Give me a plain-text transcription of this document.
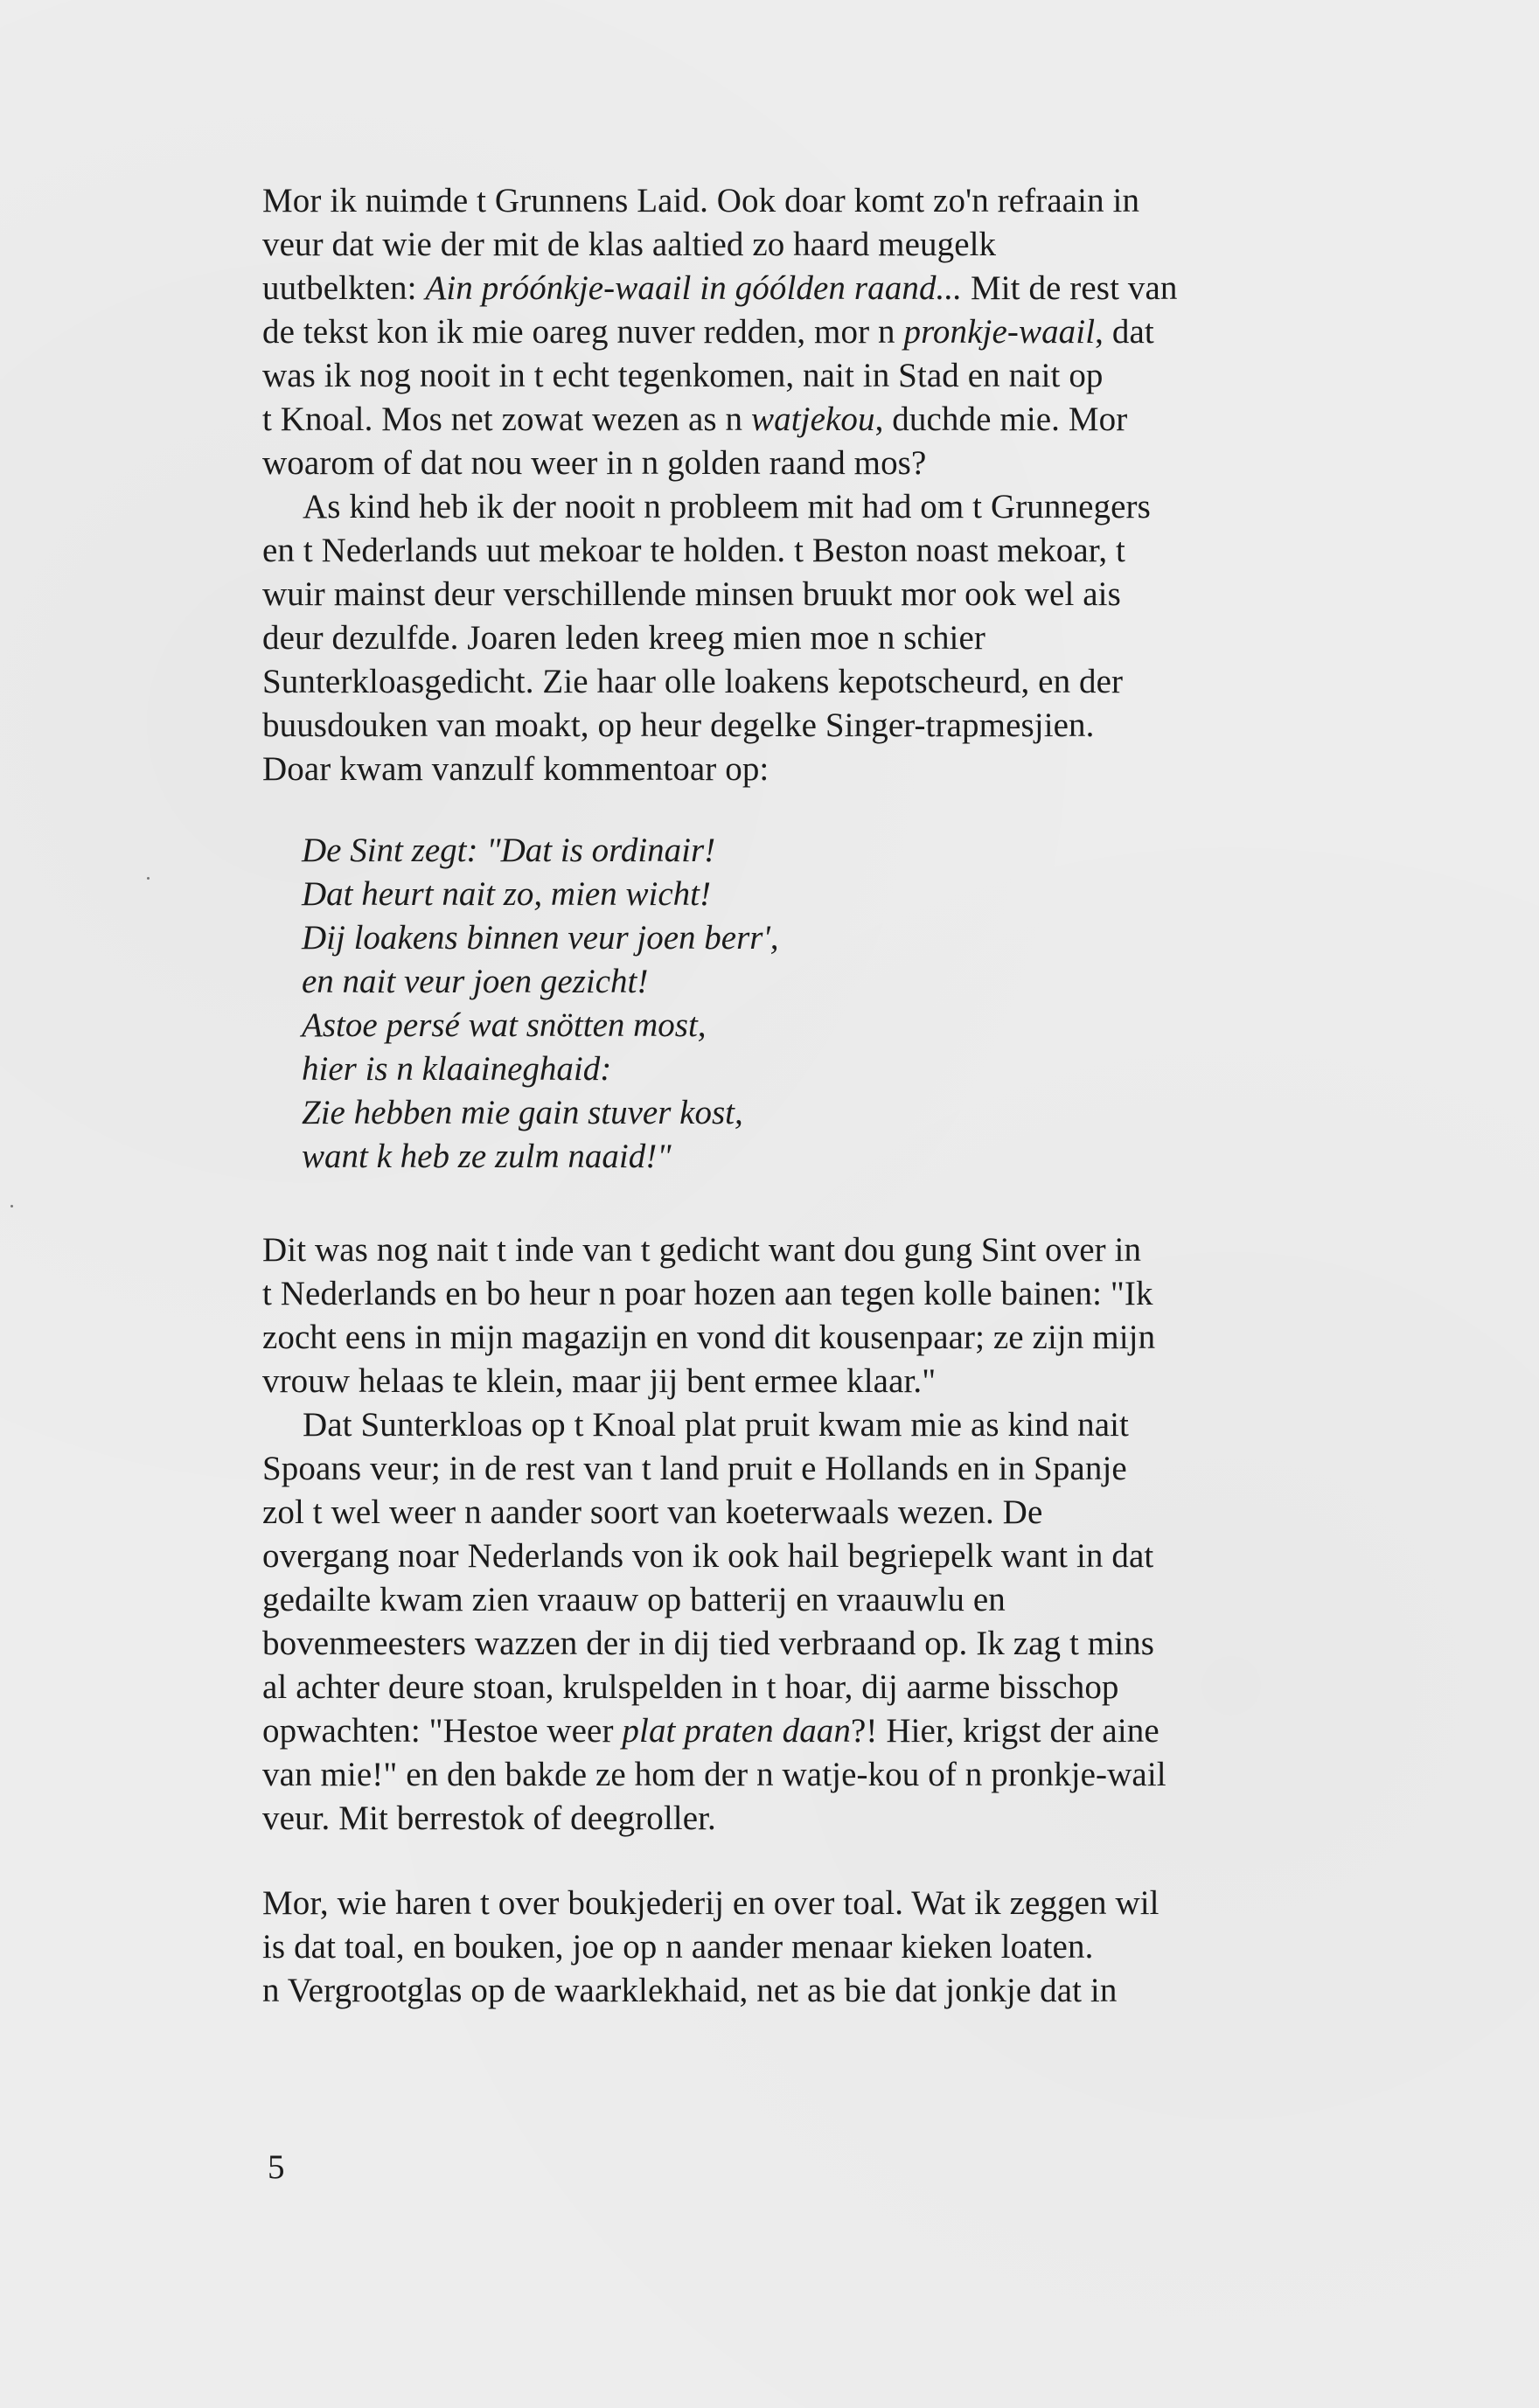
Mor ik nuimde t Grunnens Laid. Ook doar komt zo'n refraain in
veur dat wie der mit de klas aaltied zo haard meugelk
uutbelkten: Ain próónkje-waail in góólden raand... Mit de rest van
de tekst kon ik mie oareg nuver redden, mor n pronkje-waail, dat
was ik nog nooit in t echt tegenkomen, nait in Stad en nait op
t Knoal. Mos net zowat wezen as n watjekou, duchde mie. Mor
woarom of dat nou weer in n golden raand mos?
As kind heb ik der nooit n probleem mit had om t Grunnegers
en t Nederlands uut mekoar te holden. t Beston noast mekoar, t
wuir mainst deur verschillende minsen bruukt mor ook wel ais
deur dezulfde. Joaren leden kreeg mien moe n schier
Sunterkloasgedicht. Zie haar olle loakens kepotscheurd, en der
buusdouken van moakt, op heur degelke Singer-trapmesjien.
Doar kwam vanzulf kommentoar op:
De Sint zegt: "Dat is ordinair!
Dat heurt nait zo, mien wicht!
Dij loakens binnen veur joen berr',
en nait veur joen gezicht!
Astoe persé wat snötten most,
hier is n klaaineghaid:
Zie hebben mie gain stuver kost,
want k heb ze zulm naaid!"
Dit was nog nait t inde van t gedicht want dou gung Sint over in
t Nederlands en bo heur n poar hozen aan tegen kolle bainen: "Ik
zocht eens in mijn magazijn en vond dit kousenpaar; ze zijn mijn
vrouw helaas te klein, maar jij bent ermee klaar."
Dat Sunterkloas op t Knoal plat pruit kwam mie as kind nait
Spoans veur; in de rest van t land pruit e Hollands en in Spanje
zol t wel weer n aander soort van koeterwaals wezen. De
overgang noar Nederlands von ik ook hail begriepelk want in dat
gedailte kwam zien vraauw op batterij en vraauwlu en
bovenmeesters wazzen der in dij tied verbraand op. Ik zag t mins
al achter deure stoan, krulspelden in t hoar, dij aarme bisschop
opwachten: "Hestoe weer plat praten daan?! Hier, krigst der aine
van mie!" en den bakde ze hom der n watje-kou of n pronkje-wail
veur. Mit berrestok of deegroller.
Mor, wie haren t over boukjederij en over toal. Wat ik zeggen wil
is dat toal, en bouken, joe op n aander menaar kieken loaten.
n Vergrootglas op de waarklekhaid, net as bie dat jonkje dat in
5
